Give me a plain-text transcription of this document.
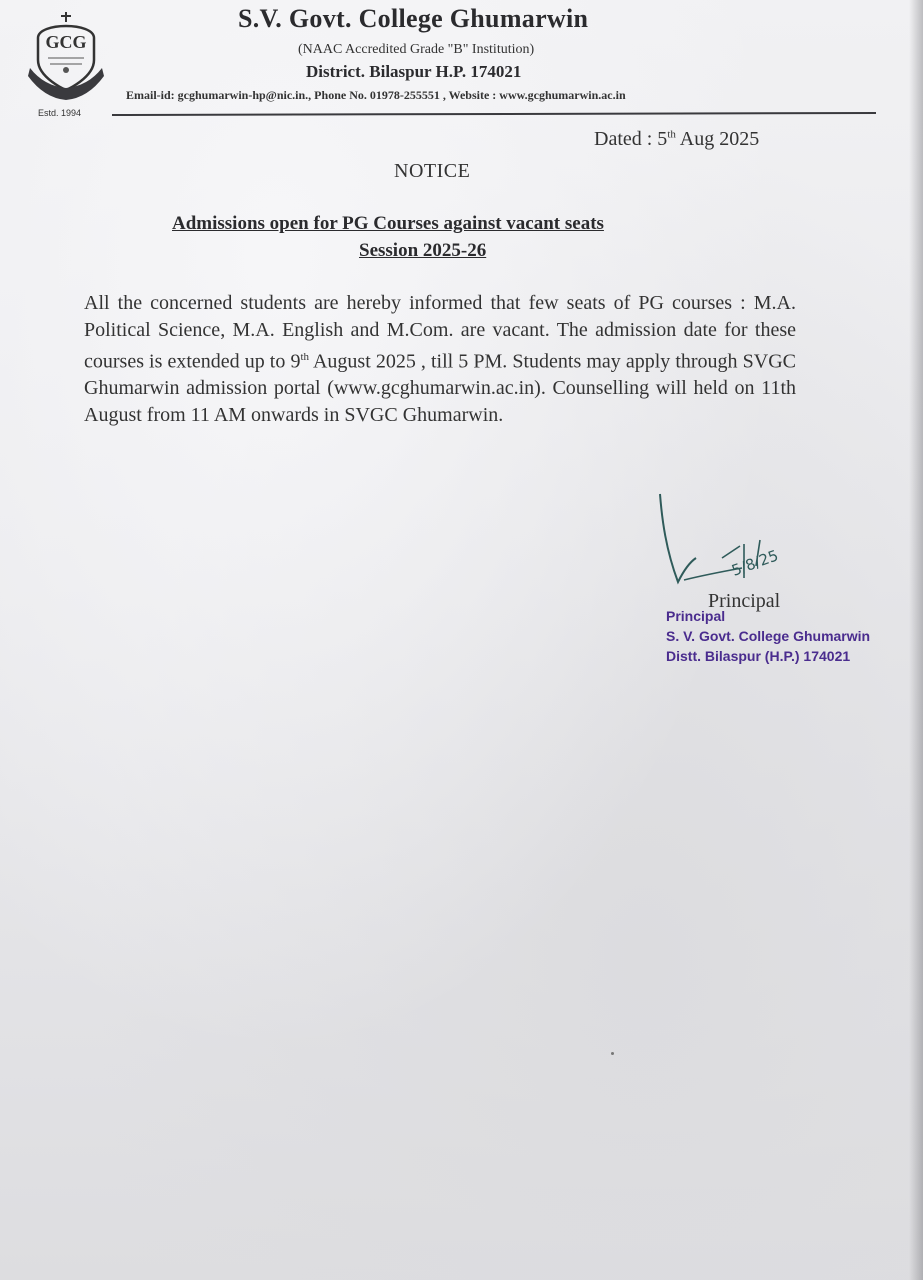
GCG
Estd. 1994
S.V. Govt. College Ghumarwin
(NAAC Accredited Grade "B" Institution)
District. Bilaspur H.P. 174021
Email-id: gcghumarwin-hp@nic.in., Phone No. 01978-255551 , Website : www.gcghumarwin.ac.in
Dated : 5th Aug 2025
NOTICE
Admissions open for PG Courses against vacant seats
Session 2025-26
All the concerned students are hereby informed that few seats of PG courses : M.A. Political Science, M.A. English and M.Com. are vacant. The admission date for these courses is extended up to 9th August 2025 , till 5 PM. Students may apply through SVGC Ghumarwin admission portal (www.gcghumarwin.ac.in). Counselling will held on 11th August from 11 AM onwards in SVGC Ghumarwin.
5/8/25
Principal
Principal
S. V. Govt. College Ghumarwin
Distt. Bilaspur (H.P.) 174021
